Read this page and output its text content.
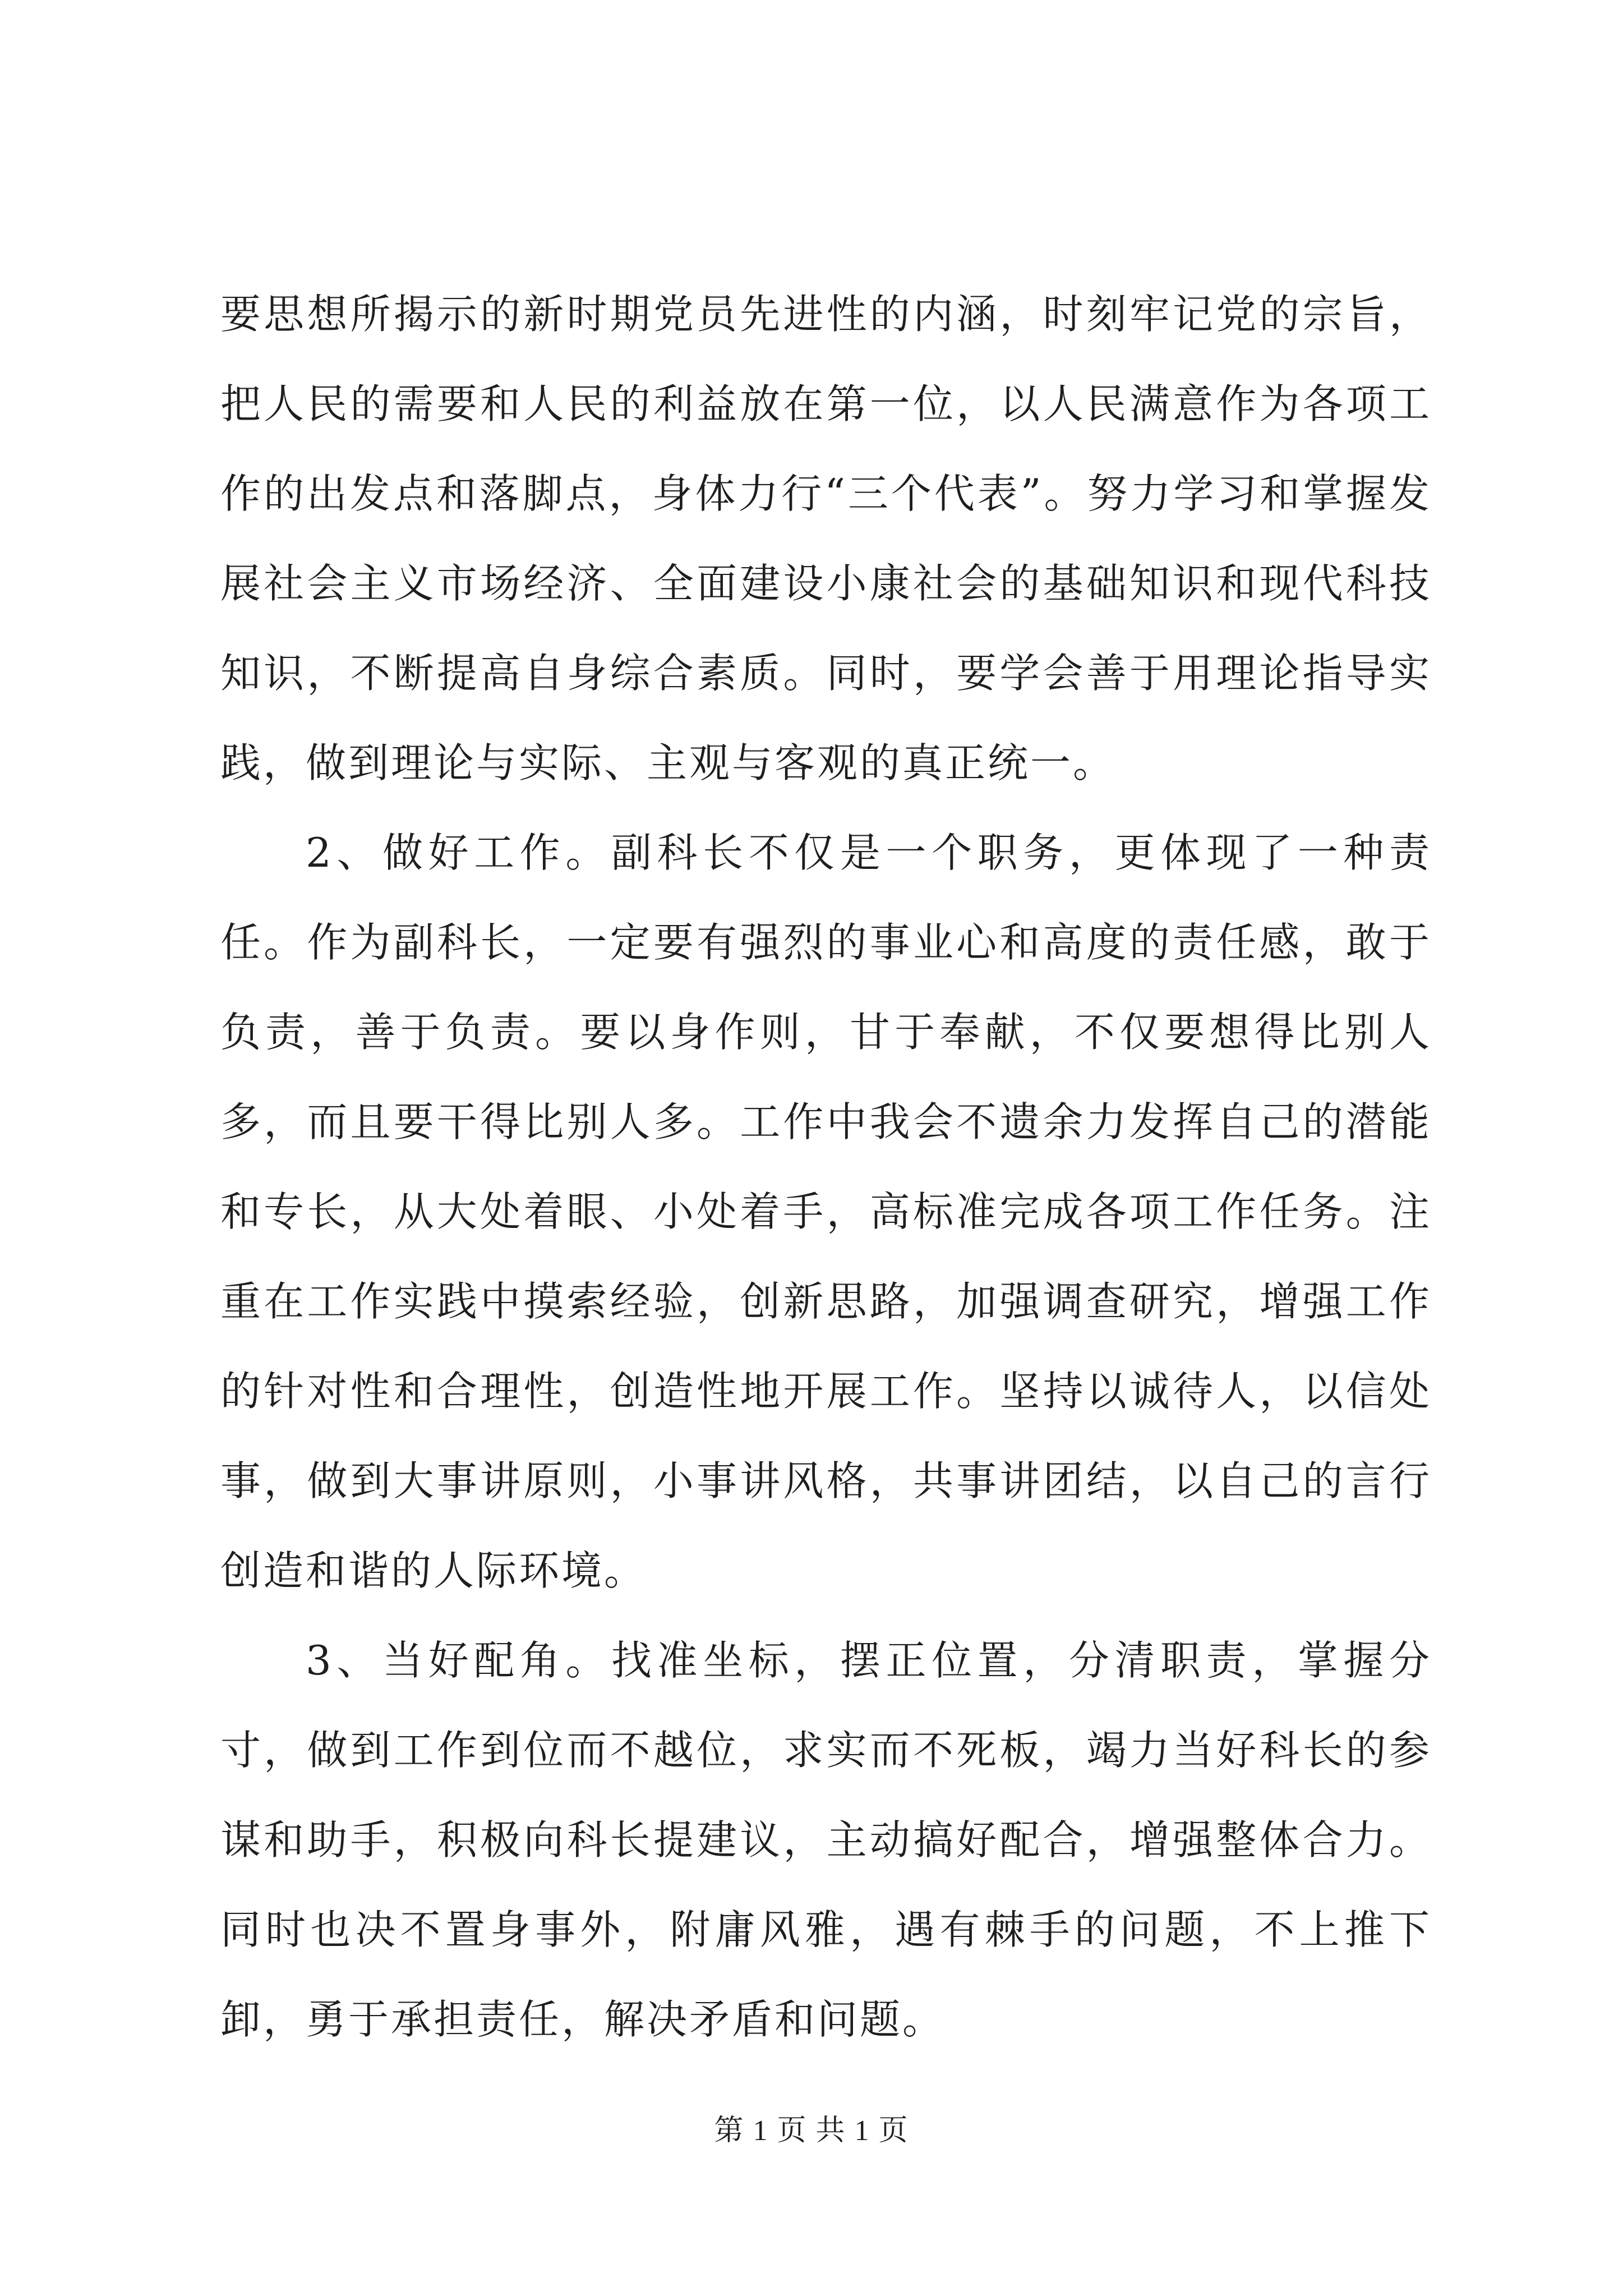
要思想所揭示的新时期党员先进性的内涵，时刻牢记党的宗旨，把人民的需要和人民的利益放在第一位，以人民满意作为各项工作的出发点和落脚点，身体力行“三个代表”。努力学习和掌握发展社会主义市场经济、全面建设小康社会的基础知识和现代科技知识，不断提高自身综合素质。同时，要学会善于用理论指导实践，做到理论与实际、主观与客观的真正统一。

2、做好工作。副科长不仅是一个职务，更体现了一种责任。作为副科长，一定要有强烈的事业心和高度的责任感，敢于负责，善于负责。要以身作则，甘于奉献，不仅要想得比别人多，而且要干得比别人多。工作中我会不遗余力发挥自己的潜能和专长，从大处着眼、小处着手，高标准完成各项工作任务。注重在工作实践中摸索经验，创新思路，加强调查研究，增强工作的针对性和合理性，创造性地开展工作。坚持以诚待人，以信处事，做到大事讲原则，小事讲风格，共事讲团结，以自己的言行创造和谐的人际环境。

3、当好配角。找准坐标，摆正位置，分清职责，掌握分寸，做到工作到位而不越位，求实而不死板，竭力当好科长的参谋和助手，积极向科长提建议，主动搞好配合，增强整体合力。同时也决不置身事外，附庸风雅，遇有棘手的问题，不上推下卸，勇于承担责任，解决矛盾和问题。

第 1 页 共 1 页
